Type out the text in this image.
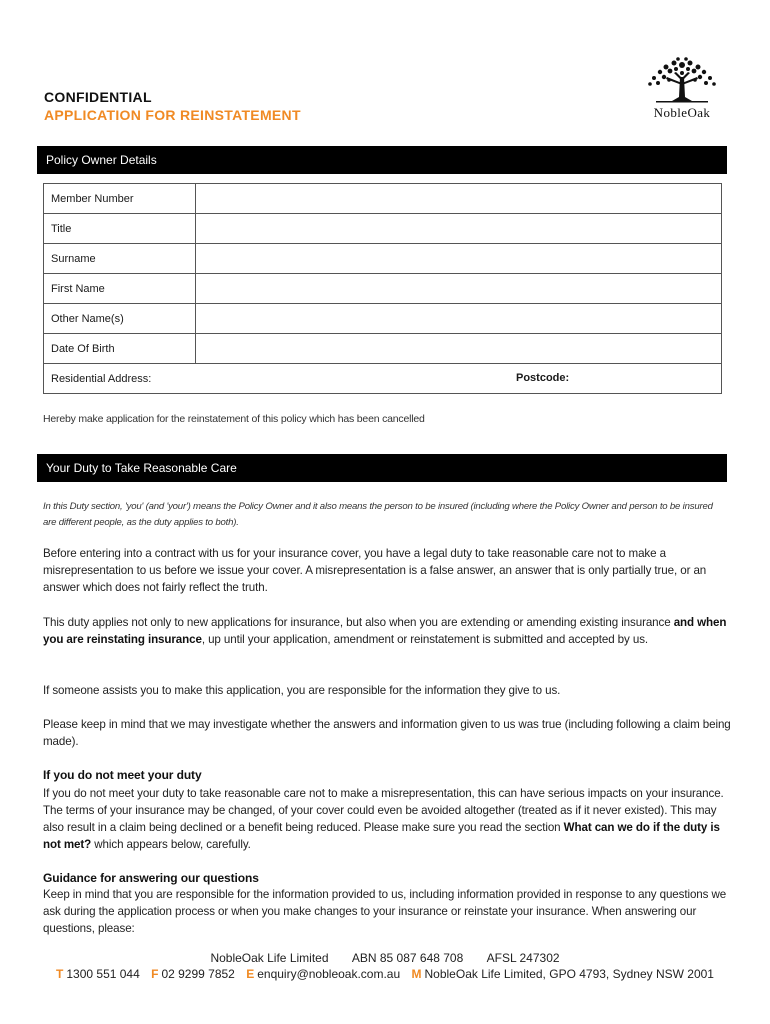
CONFIDENTIAL
APPLICATION FOR REINSTATEMENT	NobleOak
Policy Owner Details
Member Number	
Title	
Surname	
First Name	
Other Name(s)	
Date Of Birth	
Residential Address: Postcode:	
Hereby make application for the reinstatement of this policy which has been cancelled
Your Duty to Take Reasonable Care
In this Duty section, 'you' (and 'your') means the Policy Owner and it also means the person to be insured (including where the Policy Owner and person to be insured are different people, as the duty applies to both).
Before entering into a contract with us for your insurance cover, you have a legal duty to take reasonable care not to make a misrepresentation to us before we issue your cover. A misrepresentation is a false answer, an answer that is only partially true, or an answer which does not fairly reflect the truth.
This duty applies not only to new applications for insurance, but also when you are extending or amending existing insurance and when you are reinstating insurance, up until your application, amendment or reinstatement is submitted and accepted by us.
If someone assists you to make this application, you are responsible for the information they give to us.
Please keep in mind that we may investigate whether the answers and information given to us was true (including following a claim being made).
If you do not meet your duty
If you do not meet your duty to take reasonable care not to make a misrepresentation, this can have serious impacts on your insurance. The terms of your insurance may be changed, of your cover could even be avoided altogether (treated as if it never existed). This may also result in a claim being declined or a benefit being reduced. Please make sure you read the section What can we do if the duty is not met? which appears below, carefully.
Guidance for answering our questions
Keep in mind that you are responsible for the information provided to us, including information provided in response to any questions we ask during the application process or when you make changes to your insurance or reinstate your insurance. When answering our questions, please:
NobleOak Life Limited ABN 85 087 648 708 AFSL 247302
T 1300 551 044 F 02 9299 7852 E enquiry@nobleoak.com.au M NobleOak Life Limited, GPO 4793, Sydney NSW 2001
